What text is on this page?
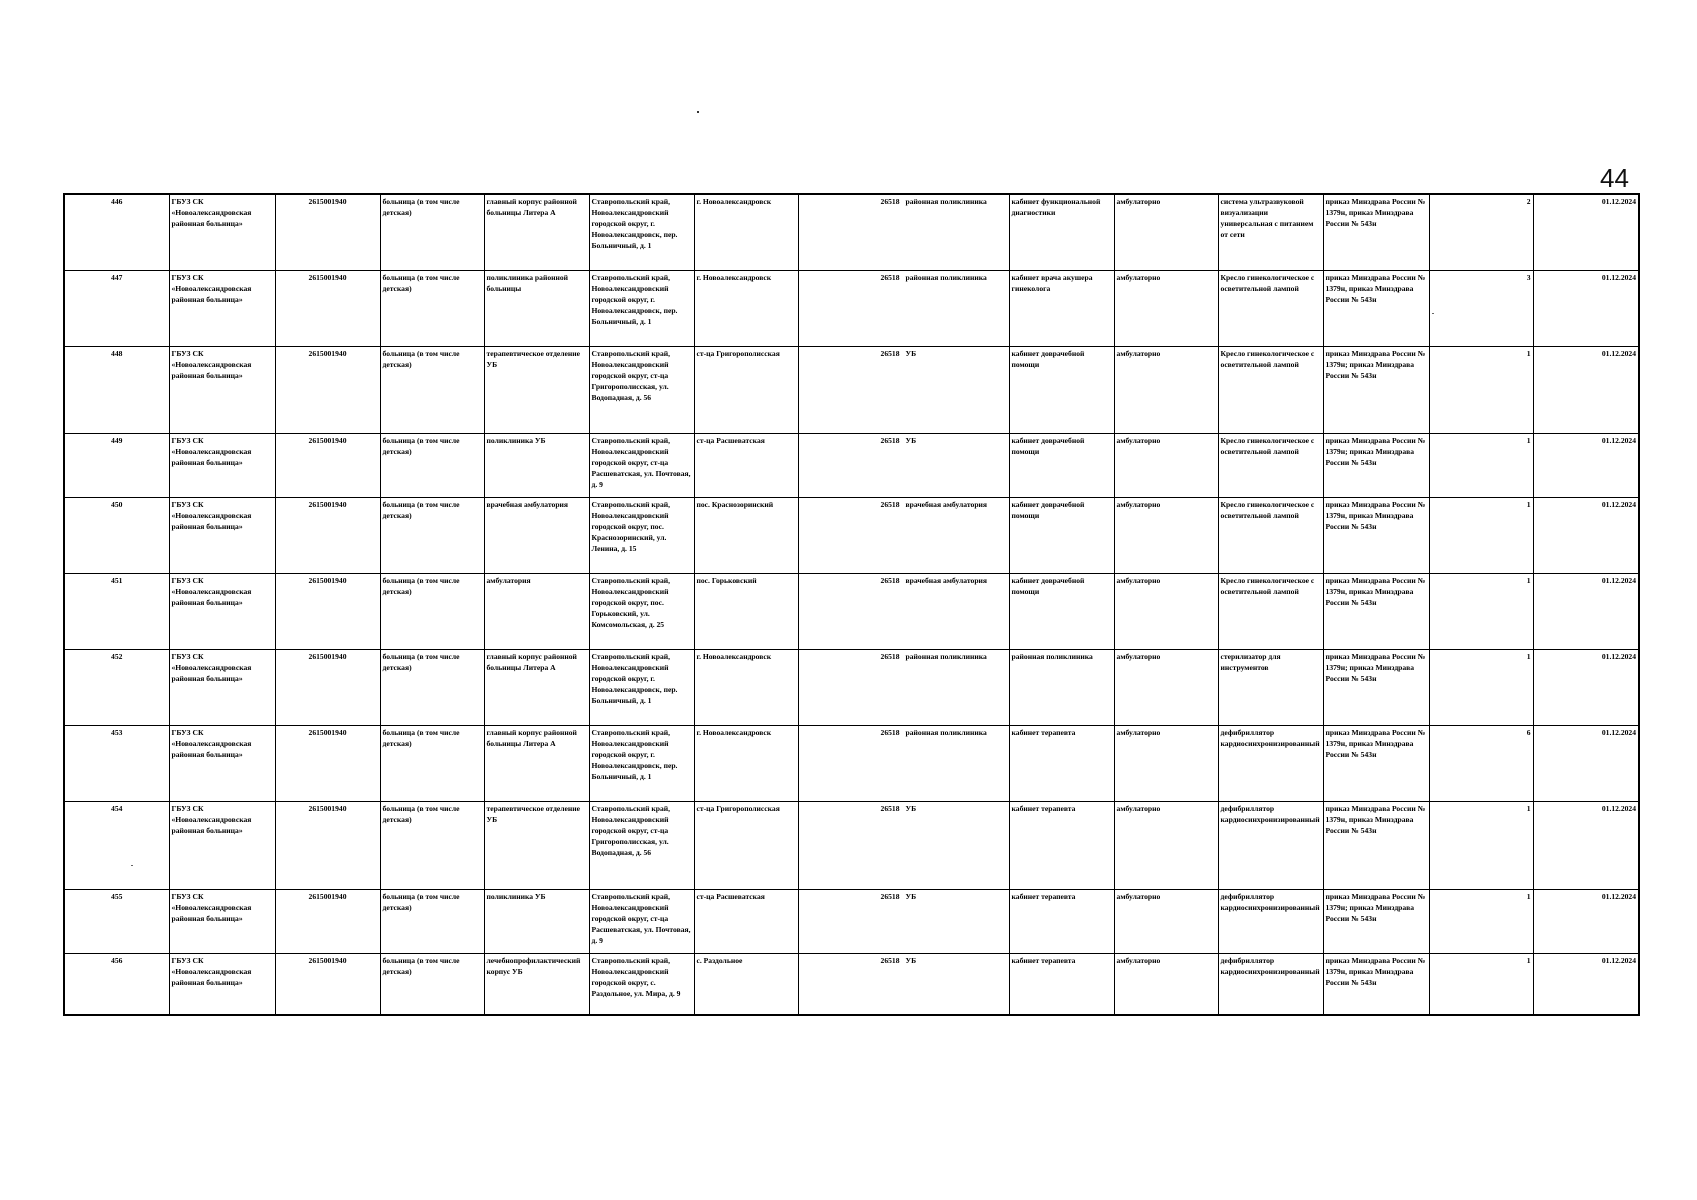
44
446	ГБУЗ СК «Новоалександровская районная больница»	2615001940	больница (в том числе детская)	главный корпус районной больницы Литера А	Ставропольский край, Новоалександровский городской округ, г. Новоалександровск, пер. Больничный, д. 1	г. Новоалександровск	26518 районная поликлиника	кабинет функциональной диагностики	амбулаторно	система ультразвуковой визуализации универсальная с питанием от сети	приказ Минздрава России № 1379н, приказ Минздрава России № 543н	2	01.12.2024
447	ГБУЗ СК «Новоалександровская районная больница»	2615001940	больница (в том числе детская)	поликлиника районной больницы	Ставропольский край, Новоалександровский городской округ, г. Новоалександровск, пер. Больничный, д. 1	г. Новоалександровск	26518 районная поликлиника	кабинет врача акушера гинеколога	амбулаторно	Кресло гинекологическое с осветительной лампой	приказ Минздрава России № 1379н, приказ Минздрава России № 543н	3	01.12.2024
448	ГБУЗ СК «Новоалександровская районная больница»	2615001940	больница (в том числе детская)	терапевтическое отделение УБ	Ставропольский край, Новоалександровский городской округ, ст-ца Григорополисская, ул. Водопадная, д. 56	ст-ца Григорополисская	26518 УБ	кабинет доврачебной помощи	амбулаторно	Кресло гинекологическое с осветительной лампой	приказ Минздрава России № 1379н; приказ Минздрава России № 543н	1	01.12.2024
449	ГБУЗ СК «Новоалександровская районная больница»	2615001940	больница (в том числе детская)	поликлиника УБ	Ставропольский край, Новоалександровский городской округ, ст-ца Расшеватская, ул. Почтовая, д. 9	ст-ца Расшеватская	26518 УБ	кабинет доврачебной помощи	амбулаторно	Кресло гинекологическое с осветительной лампой	приказ Минздрава России № 1379н; приказ Минздрава России № 543н	1	01.12.2024
450	ГБУЗ СК «Новоалександровская районная больница»	2615001940	больница (в том числе детская)	врачебная амбулатория	Ставропольский край, Новоалександровский городской округ, пос. Краснозоринский, ул. Ленина, д. 15	пос. Краснозоринский	26518 врачебная амбулатория	кабинет доврачебной помощи	амбулаторно	Кресло гинекологическое с осветительной лампой	приказ Минздрава России № 1379н, приказ Минздрава России № 543н	1	01.12.2024
451	ГБУЗ СК «Новоалександровская районная больница»	2615001940	больница (в том числе детская)	амбулатория	Ставропольский край, Новоалександровский городской округ, пос. Горьковский, ул. Комсомольская, д. 25	пос. Горьковский	26518 врачебная амбулатория	кабинет доврачебной помощи	амбулаторно	Кресло гинекологическое с осветительной лампой	приказ Минздрава России № 1379н, приказ Минздрава России № 543н	1	01.12.2024
452	ГБУЗ СК «Новоалександровская районная больница»	2615001940	больница (в том числе детская)	главный корпус районной больницы Литера А	Ставропольский край, Новоалександровский городской округ, г. Новоалександровск, пер. Больничный, д. 1	г. Новоалександровск	26518 районная поликлиника	районная поликлиника	амбулаторно	стерилизатор для инструментов	приказ Минздрава России № 1379н; приказ Минздрава России № 543н	1	01.12.2024
453	ГБУЗ СК «Новоалександровская районная больница»	2615001940	больница (в том числе детская)	главный корпус районной больницы Литера А	Ставропольский край, Новоалександровский городской округ, г. Новоалександровск, пер. Больничный, д. 1	г. Новоалександровск	26518 районная поликлиника	кабинет терапевта	амбулаторно	дефибриллятор кардиосинхронизированный	приказ Минздрава России № 1379н, приказ Минздрава России № 543н	6	01.12.2024
454	ГБУЗ СК «Новоалександровская районная больница»	2615001940	больница (в том числе детская)	терапевтическое отделение УБ	Ставропольский край, Новоалександровский городской округ, ст-ца Григорополисская, ул. Водопадная, д. 56	ст-ца Григорополисская	26518 УБ	кабинет терапевта	амбулаторно	дефибриллятор кардиосинхронизированный	приказ Минздрава России № 1379н, приказ Минздрава России № 543н	1	01.12.2024
455	ГБУЗ СК «Новоалександровская районная больница»	2615001940	больница (в том числе детская)	поликлиника УБ	Ставропольский край, Новоалександровский городской округ, ст-ца Расшеватская, ул. Почтовая, д. 9	ст-ца Расшеватская	26518 УБ	кабинет терапевта	амбулаторно	дефибриллятор кардиосинхронизированный	приказ Минздрава России № 1379н; приказ Минздрава России № 543н	1	01.12.2024
456	ГБУЗ СК «Новоалександровская районная больница»	2615001940	больница (в том числе детская)	лечебнопрофилактический корпус УБ	Ставропольский край, Новоалександровский городской округ, с. Раздольное, ул. Мира, д. 9	с. Раздольное	26518 УБ	кабинет терапевта	амбулаторно	дефибриллятор кардиосинхронизированный	приказ Минздрава России № 1379н, приказ Минздрава России № 543н	1	01.12.2024
